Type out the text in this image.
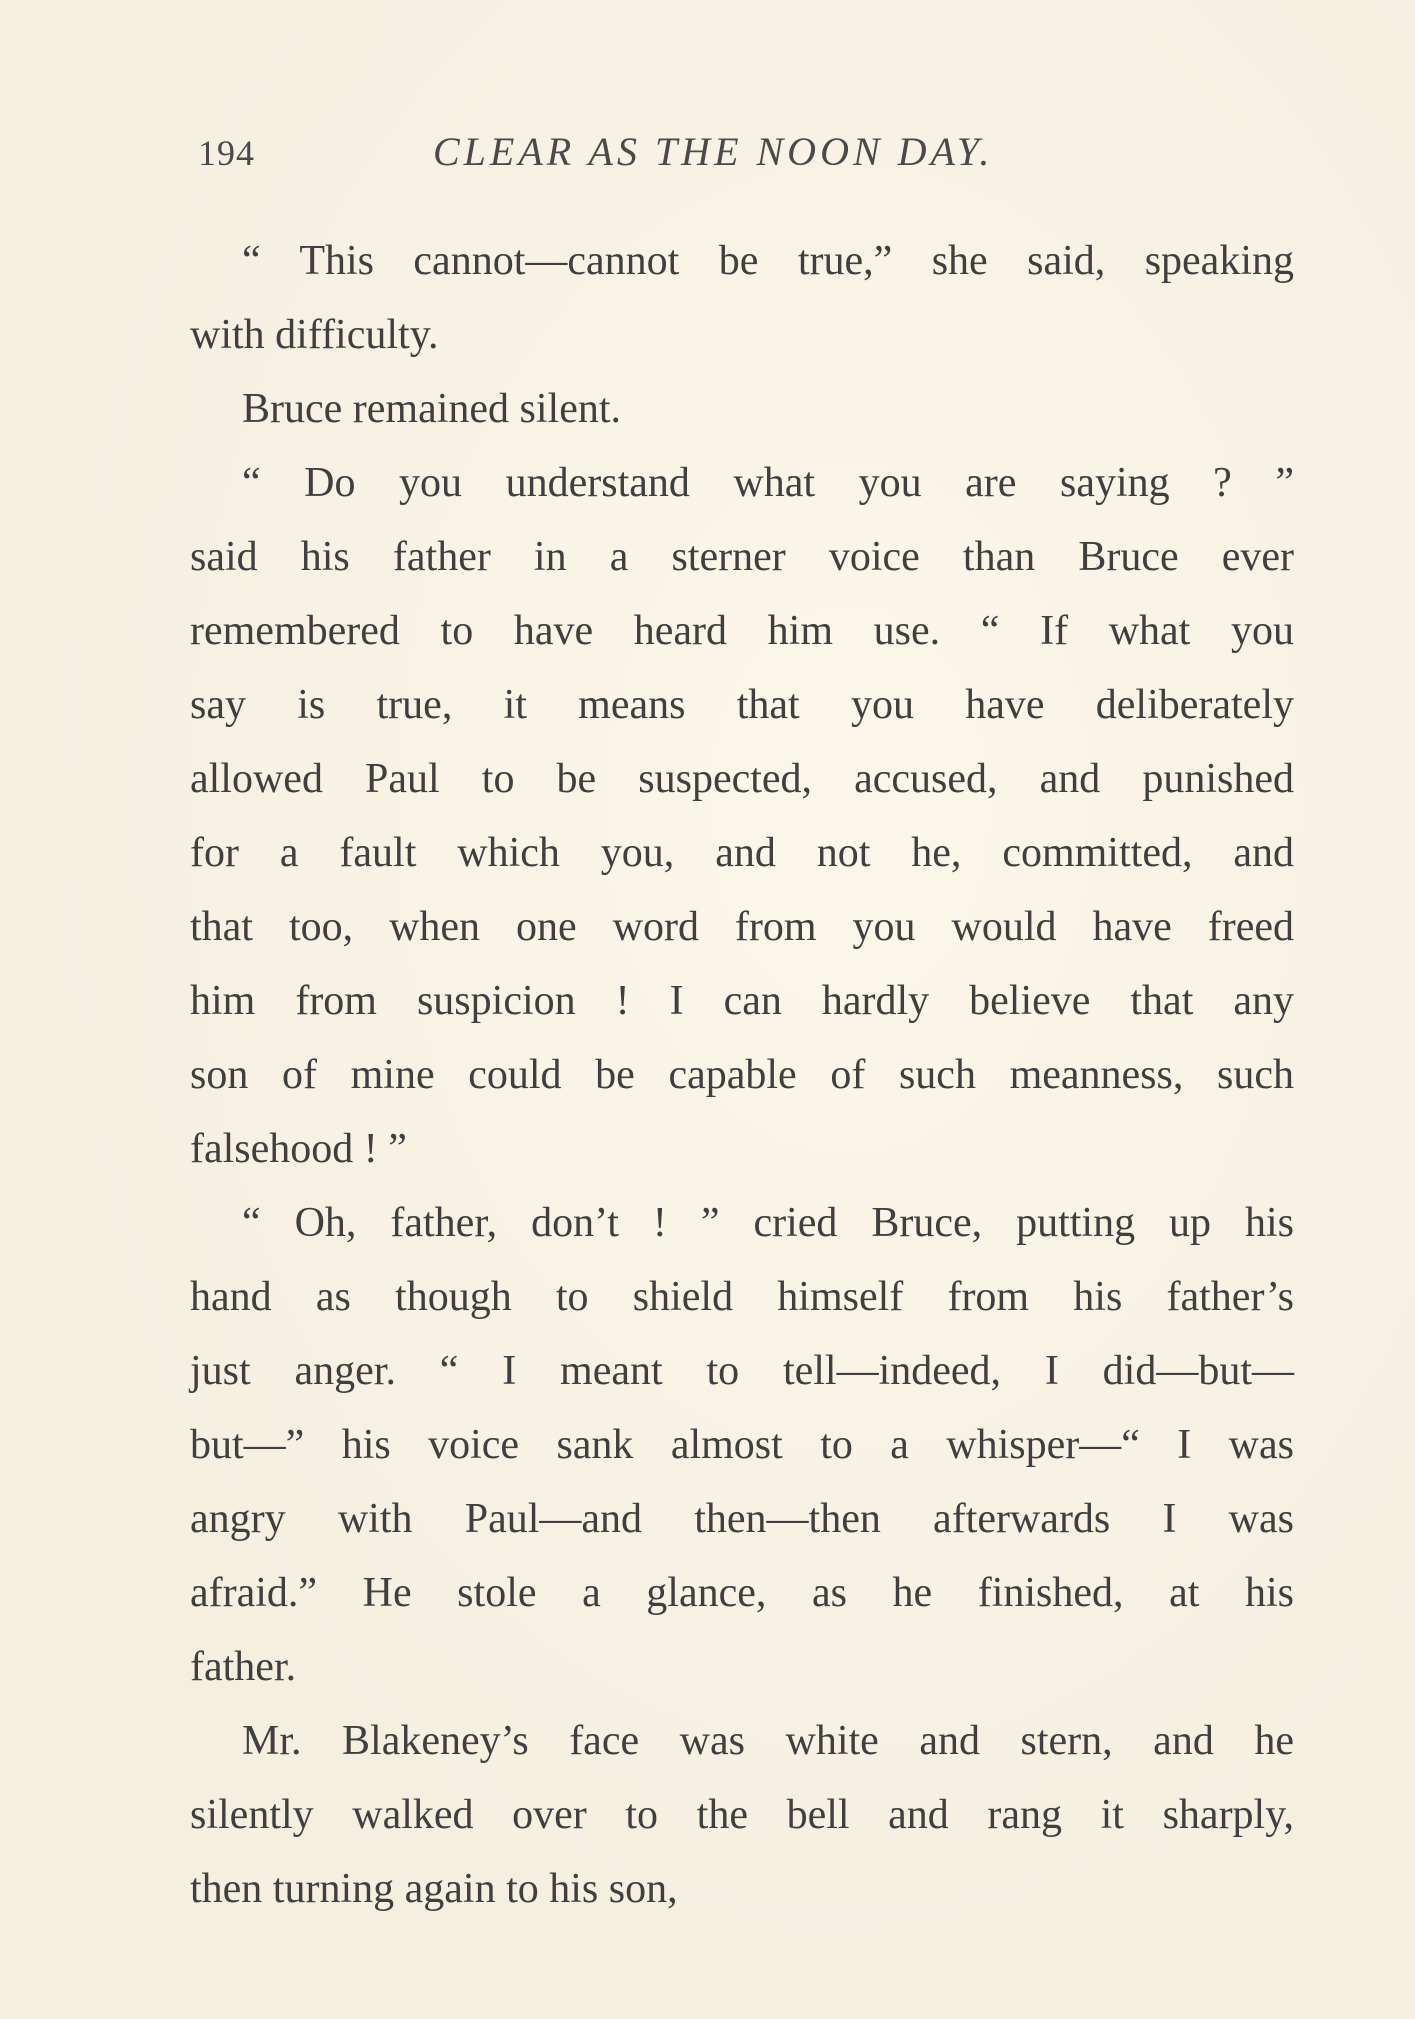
194	CLEAR AS THE NOON DAY.
“ This cannot—cannot be true,” she said, speaking
with difficulty.
Bruce remained silent.
“ Do you understand what you are saying ? ”
said his father in a sterner voice than Bruce ever
remembered to have heard him use. “ If what you
say is true, it means that you have deliberately
allowed Paul to be suspected, accused, and punished
for a fault which you, and not he, committed, and
that too, when one word from you would have freed
him from suspicion ! I can hardly believe that any
son of mine could be capable of such meanness, such
falsehood ! ”
“ Oh, father, don’t ! ” cried Bruce, putting up his
hand as though to shield himself from his father’s
just anger. “ I meant to tell—indeed, I did—but—
but—” his voice sank almost to a whisper—“ I was
angry with Paul—and then—then afterwards I was
afraid.” He stole a glance, as he finished, at his
father.
Mr. Blakeney’s face was white and stern, and he
silently walked over to the bell and rang it sharply,
then turning again to his son,
